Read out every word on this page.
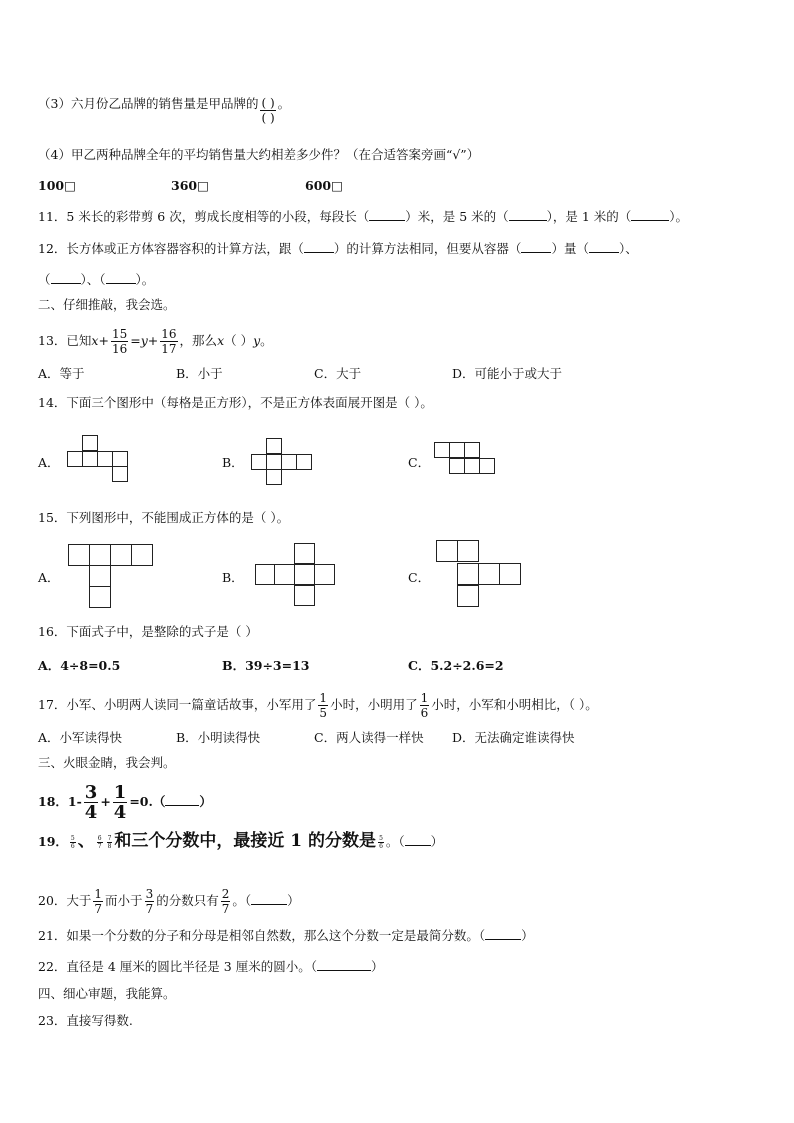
（3）六月份乙品牌的销售量是甲品牌的 $\frac{( )}{( )}$ 。
（4）甲乙两种品牌全年的平均销售量大约相差多少件？（在合适答案旁画“√”）
100□	360□	600□
11．5 米长的彩带剪 6 次，剪成长度相等的小段，每段长（	）米，是 5 米的（	），是 1 米的（	）。
12．长方体或正方体容器容积的计算方法，跟（ ）的计算方法相同，但要从容器（ ）量（ ）、
（ ）、（ ）。
二、仔细推敲，我会选。
13．已知$x+ \frac{15}{16} =y+ \frac{16}{17}$ ，那么x（ ）y。
A．等于	B．小于	C．大于	D．可能小于或大于
14．下面三个图形中（每格是正方形），不是正方体表面展开图是（ ）。
A．	B．	C．
15．下列图形中，不能围成正方体的是（ ）。
A．	B．	C．
16．下面式子中，是整除的式子是（ ）
A．4÷8=0.5	B．39÷3=13	C．5.2÷2.6=2
17．小军、小明两人读同一篇童话故事，小军用了 $\frac{1}{5}$ 小时，小明用了 $\frac{1}{6}$ 小时，小军和小明相比，（ ）。
A．小军读得快	B．小明读得快	C．两人读得一样快 D．无法确定谁读得快
三、火眼金睛，我会判。
18．$1- \frac{3}{4} + \frac{1}{4} =0$.（	）
19． $\frac{5}{6}$ 、 $\frac{6}{7} \frac{7}{8}$ 和三个分数中，最接近 1 的分数是 $\frac{5}{6}$ 。（ ）
20．大于 $\frac{1}{7}$ 而小于 $\frac{3}{7}$ 的分数只有 $\frac{2}{7}$ 。（	）
21．如果一个分数的分子和分母是相邻自然数，那么这个分数一定是最简分数。（	）
22．直径是 4 厘米的圆比半径是 3 厘米的圆小。（	）
四、细心审题，我能算。
23．直接写得数.
